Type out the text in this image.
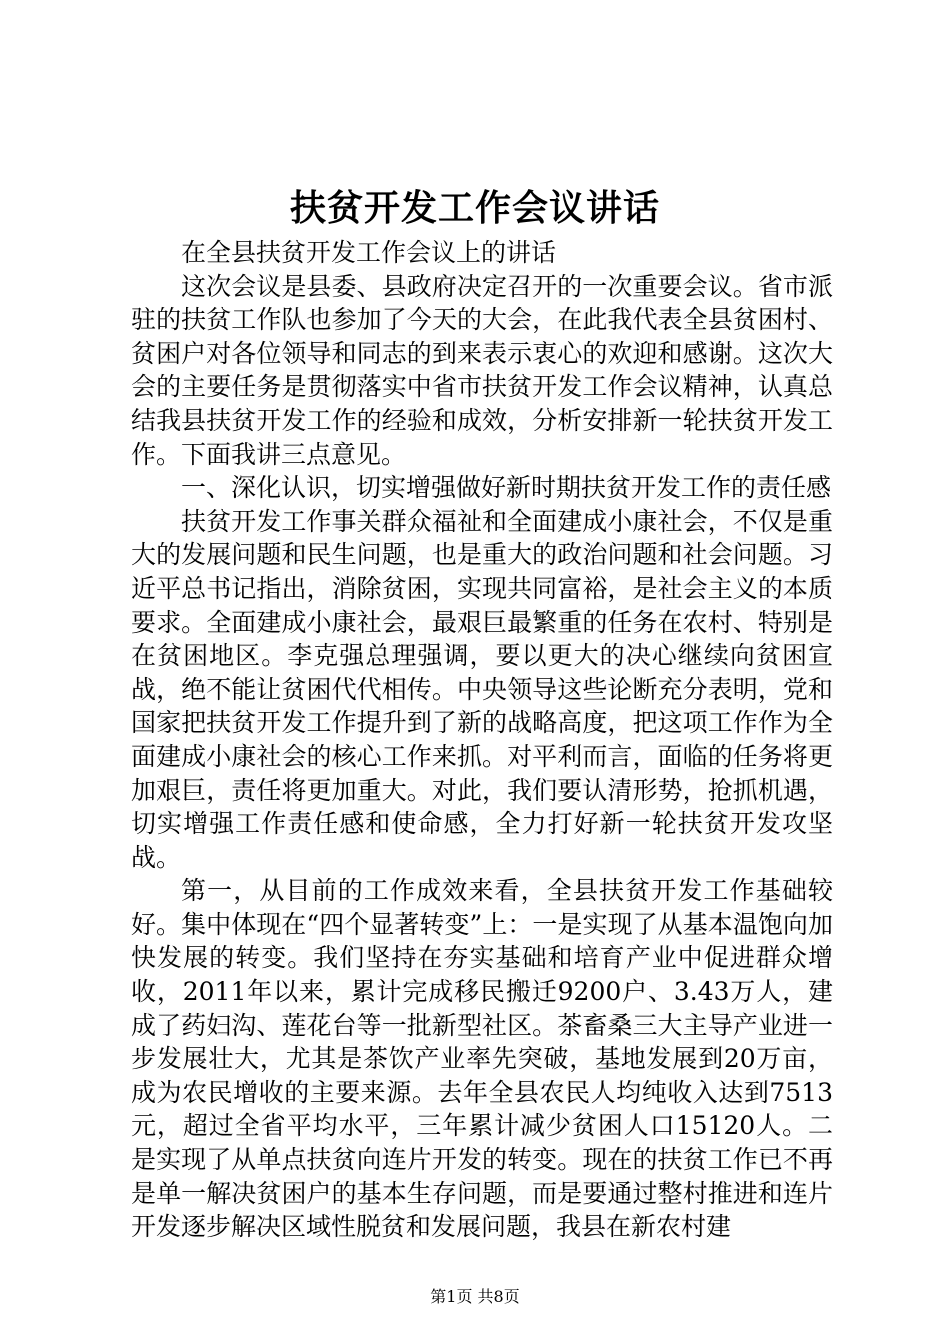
扶贫开发工作会议讲话

在全县扶贫开发工作会议上的讲话

这次会议是县委、县政府决定召开的一次重要会议。省市派驻的扶贫工作队也参加了今天的大会，在此我代表全县贫困村、贫困户对各位领导和同志的到来表示衷心的欢迎和感谢。这次大会的主要任务是贯彻落实中省市扶贫开发工作会议精神，认真总结我县扶贫开发工作的经验和成效，分析安排新一轮扶贫开发工作。下面我讲三点意见。

一、深化认识，切实增强做好新时期扶贫开发工作的责任感

扶贫开发工作事关群众福祉和全面建成小康社会，不仅是重大的发展问题和民生问题，也是重大的政治问题和社会问题。习近平总书记指出，消除贫困，实现共同富裕，是社会主义的本质要求。全面建成小康社会，最艰巨最繁重的任务在农村、特别是在贫困地区。李克强总理强调，要以更大的决心继续向贫困宣战，绝不能让贫困代代相传。中央领导这些论断充分表明，党和国家把扶贫开发工作提升到了新的战略高度，把这项工作作为全面建成小康社会的核心工作来抓。对平利而言，面临的任务将更加艰巨，责任将更加重大。对此，我们要认清形势，抢抓机遇，切实增强工作责任感和使命感，全力打好新一轮扶贫开发攻坚战。

第一，从目前的工作成效来看，全县扶贫开发工作基础较好。集中体现在“四个显著转变”上：一是实现了从基本温饱向加快发展的转变。我们坚持在夯实基础和培育产业中促进群众增收，2011年以来，累计完成移民搬迁9200户、3.43万人，建成了药妇沟、莲花台等一批新型社区。茶畜桑三大主导产业进一步发展壮大，尤其是茶饮产业率先突破，基地发展到20万亩，成为农民增收的主要来源。去年全县农民人均纯收入达到7513元，超过全省平均水平，三年累计减少贫困人口15120人。二是实现了从单点扶贫向连片开发的转变。现在的扶贫工作已不再是单一解决贫困户的基本生存问题，而是要通过整村推进和连片开发逐步解决区域性脱贫和发展问题，我县在新农村建

第1页 共8页
